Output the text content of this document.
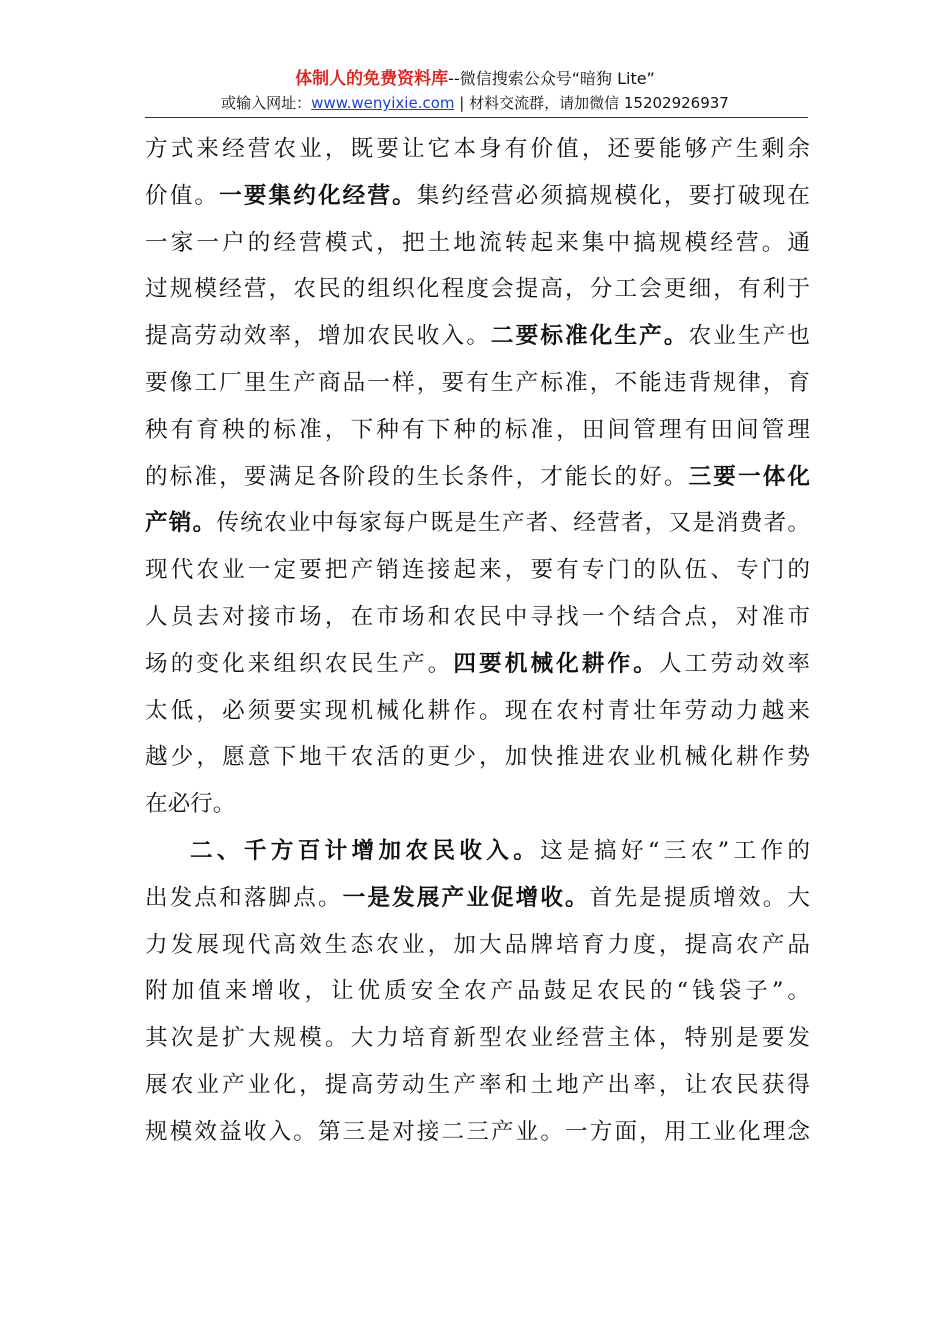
体制人的免费资料库--微信搜索公众号“暗狗 Lite”
或输入网址：www.wenyixie.com | 材料交流群，请加微信 15202926937
方式来经营农业，既要让它本身有价值，还要能够产生剩余
价值。一要集约化经营。集约经营必须搞规模化，要打破现在
一家一户的经营模式，把土地流转起来集中搞规模经营。通
过规模经营，农民的组织化程度会提高，分工会更细，有利于
提高劳动效率，增加农民收入。二要标准化生产。农业生产也
要像工厂里生产商品一样，要有生产标准，不能违背规律，育
秧有育秧的标准，下种有下种的标准，田间管理有田间管理
的标准，要满足各阶段的生长条件，才能长的好。三要一体化
产销。传统农业中每家每户既是生产者、经营者，又是消费者。
现代农业一定要把产销连接起来，要有专门的队伍、专门的
人员去对接市场，在市场和农民中寻找一个结合点，对准市
场的变化来组织农民生产。四要机械化耕作。人工劳动效率
太低，必须要实现机械化耕作。现在农村青壮年劳动力越来
越少，愿意下地干农活的更少，加快推进农业机械化耕作势
在必行。
二、千方百计增加农民收入。这是搞好“三农”工作的
出发点和落脚点。一是发展产业促增收。首先是提质增效。大
力发展现代高效生态农业，加大品牌培育力度，提高农产品
附加值来增收，让优质安全农产品鼓足农民的“钱袋子”。
其次是扩大规模。大力培育新型农业经营主体，特别是要发
展农业产业化，提高劳动生产率和土地产出率，让农民获得
规模效益收入。第三是对接二三产业。一方面，用工业化理念
